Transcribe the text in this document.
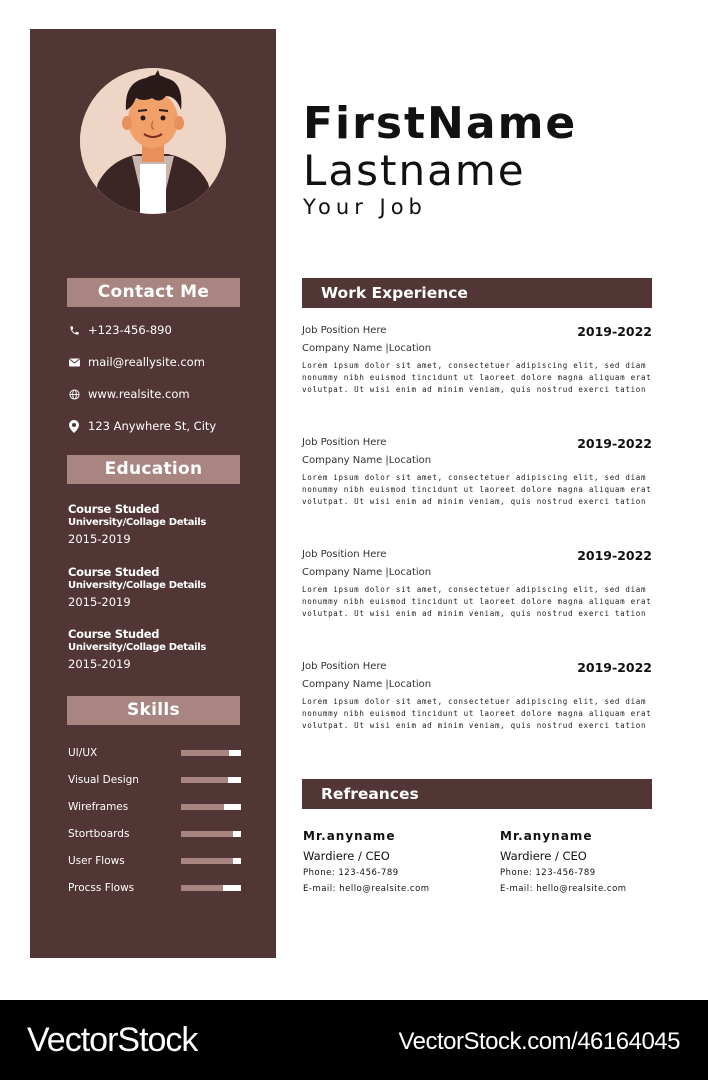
Contact Me
+123-456-890
mail@reallysite.com
www.realsite.com
123 Anywhere St, City
Education
Course Studed
University/Collage Details
2015-2019
Course Studed
University/Collage Details
2015-2019
Course Studed
University/Collage Details
2015-2019
Skills
UI/UX
Visual Design
Wireframes
Stortboards
User Flows
Procss Flows
FirstName
Lastname
Your Job
Work Experience
Job Position Here	2019-2022
Company Name |Location
Lorem ipsum dolor sit amet, consectetuer adipiscing elit, sed diam nonummy nibh euismod tincidunt ut laoreet dolore magna aliquam erat volutpat. Ut wisi enim ad minim veniam, quis nostrud exerci tation
Job Position Here	2019-2022
Company Name |Location
Lorem ipsum dolor sit amet, consectetuer adipiscing elit, sed diam nonummy nibh euismod tincidunt ut laoreet dolore magna aliquam erat volutpat. Ut wisi enim ad minim veniam, quis nostrud exerci tation
Job Position Here	2019-2022
Company Name |Location
Lorem ipsum dolor sit amet, consectetuer adipiscing elit, sed diam nonummy nibh euismod tincidunt ut laoreet dolore magna aliquam erat volutpat. Ut wisi enim ad minim veniam, quis nostrud exerci tation
Job Position Here	2019-2022
Company Name |Location
Lorem ipsum dolor sit amet, consectetuer adipiscing elit, sed diam nonummy nibh euismod tincidunt ut laoreet dolore magna aliquam erat volutpat. Ut wisi enim ad minim veniam, quis nostrud exerci tation
Refreances
Mr.anyname
Wardiere / CEO
Phone: 123-456-789
E-mail: hello@realsite.com
Mr.anyname
Wardiere / CEO
Phone: 123-456-789
E-mail: hello@realsite.com
VectorStock	VectorStock.com/46164045
